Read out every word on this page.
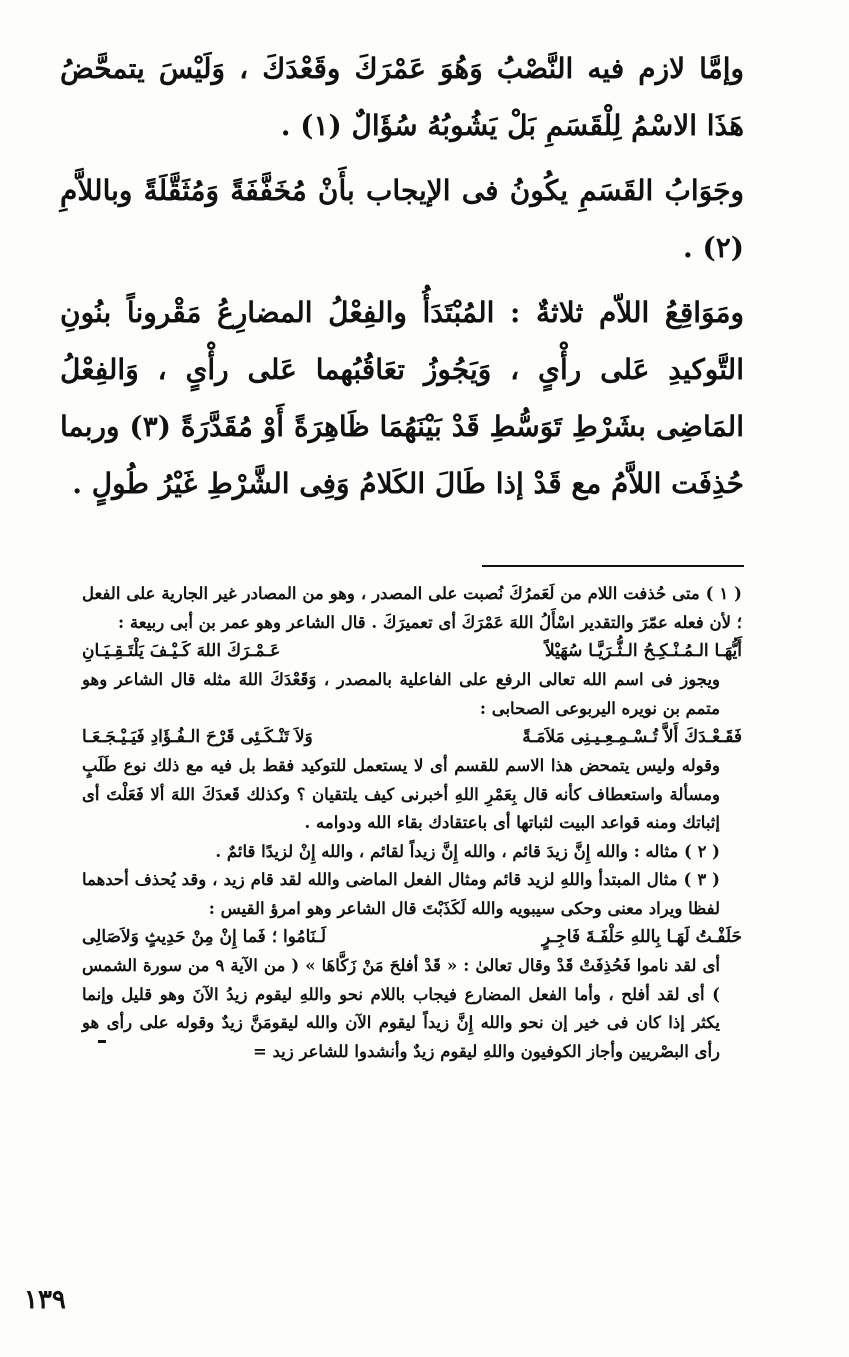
وإمَّا لازم فيه النَّصْبُ وَهُوَ عَمْرَكَ وقَعْدَكَ ، وَلَيْسَ يتمحَّضُ هَذَا الاسْمُ لِلْقَسَمِ بَلْ يَشُوبُهُ سُؤَالٌ (١) .

وجَوَابُ القَسَمِ يكُونُ فى الإيجاب بأَنْ مُخَفَّفَةً وَمُثَقَّلَةً وباللاَّمِ (٢) .

ومَوَاقِعُ اللاّم ثلاثةٌ : المُبْتَدَأُ والفِعْلُ المضارِعُ مَقْروناً بنُونِ التَّوكيدِ عَلى رأْىٍ ، وَيَجُوزُ تعَاقُبُهما عَلى رأْىٍ ، وَالفِعْلُ المَاضِى بشَرْطِ تَوَسُّطِ قَدْ بَيْنَهُمَا ظَاهِرَةً أَوْ مُقَدَّرَةً (٣) وربما حُذِفَت اللاَّمُ مع قَدْ إذا طَالَ الكَلامُ وَفِى الشَّرْطِ غَيْرُ طُولٍ .

( ١ ) متى حُذفت اللام من لَعَمرُكَ نُصبت على المصدر ، وهو من المصادر غير الجارية على الفعل ؛ لأن فعله عمّرَ والتقدير اسْأَلُ اللهَ عَمْرَكَ أى تعميرَكَ . قال الشاعر وهو عمر بن أبى ربيعة :

أَيُّهَـا الـمُـنْـكِـحُ الـثُّـرَيَّـا سُهَيْلاً
عَـمْـرَكَ اللهَ كَـيْـفَ يَلْتَـقِـيَـانِ

ويجوز فى اسم الله تعالى الرفع على الفاعلية بالمصدر ، وَقَعْدَكَ اللهَ مثله قال الشاعر وهو متمم بن نويره اليربوعى الصحابى :

فَقَـعْـدَكَ أَلاَّ تُـسْـمِـعِـيـنِى مَلاَمَـةً
وَلاَ تَنْـكَـئِى قَرْحَ الـفُـؤَادِ فَيَـيْـجَـعَـا

وقوله وليس يتمحض هذا الاسم للقسم أى لا يستعمل للتوكيد فقط بل فيه مع ذلك نوع طَلَبٍ ومسألة واستعطاف كأنه قال بِعَمْرِ اللهِ أخبرنى كيف يلتقيان ؟ وكذلك قَعدَكَ اللهَ ألا فَعَلْتَ أى إثباتك ومنه قواعد البيت لثباتها أى باعتقادك بقاء الله ودوامه .

( ٢ ) مثاله : والله إِنَّ زيدَ قائم ، والله إِنَّ زيداً لقائم ، والله إِنْ لزيدًا قائمٌ .

( ٣ ) مثال المبتدأ واللهِ لزيد قائم ومثال الفعل الماضى والله لقد قام زيد ، وقد يُحذف أحدهما لفظا ويراد معنى وحكى سيبويه والله لَكَذَبْتَ قال الشاعر وهو امرؤ القيس :

حَلَفْـتُ لَهَـا بِاللهِ حَلْفَـةَ فَاجِـرٍ
لَـنَامُوا ؛ فَما إِنْ مِنْ حَدِيثٍ وَلاَصَالِى

أى لقد ناموا فَحُذِفَتْ قَدْ وقال تعالىٰ : « قَدْ أفلحَ مَنْ زَكَّاهَا » ( من الآية ٩ من سورة الشمس ) أى لقد أفلح ، وأما الفعل المضارع فيجاب باللام نحو واللهِ ليقوم زيدُ الآنَ وهو قليل وإنما يكثر إذا كان فى خير إن نحو والله إِنَّ زيداً ليقوم الآن والله ليقومَنَّ زيدٌ وقوله على رأى هو رأى البصْريين وأجاز الكوفيون واللهِ ليقوم زيدٌ وأنشدوا للشاعر زيد =

١٣٩
